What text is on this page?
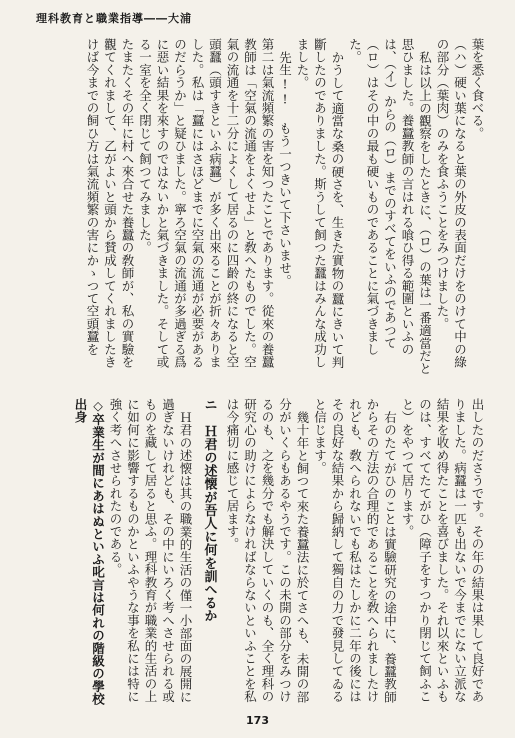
理科教育と職業指導――大浦

葉を悉く食べる。

（ハ）硬い葉になると葉の外皮の表面だけをのけて中の綠の部分（葉肉）のみを食ふうことをみつけました。

私は以上の觀察をしたときに、（ロ）の葉は一番適當だと思ひました。養蠶教師の言はれる喰ひ得る範圍といふのは、（イ）からの（ロ）までのすべてをいふのであつて（ロ）はその中の最も硬いものであることに氣づきました。

かうして適當な桑の硬さを、生きた實物の蠶にきいて判斷したのでありました。斯うして飼つた蠶はみんな成功しました。

先生!! もう一つきいて下さいませ。

第二は氣流頻繁の害を知つたことであります。從來の養蠶教師は「空氣の流通をよくせよ」と敎へたものでした。空氣の流通を十二分によくして居るのに四齡の終になると空頭蠶（頭すきといふ病蠶）が多く出來ることが折々ありました。私は「蠶にはさほどまでに空氣の流通が必要があるのだらうか」と疑ひました。寧ろ空氣の流通が多過ぎる爲に惡い結果を來すのではないかと氣づきました。そして或る一室を全く閉じて飼つてみました。

たまたくその年に村へ來合せた養蠶の敎師が、私の實驗を觀てくれまして、乙がよいと頭から賛成してくれましたきけば今までの飼ひ方は氣流頻繁の害にかゝつて空頭蠶を

出したのださうです。その年の結果は果して良好でありました。病蠶は一匹も出ないで今までにない立派な結果を收め得たことを喜びました。それ以來といふものは、すべてたてがひ（障子をすつかり閉じて飼ふこと）をやつて居ります。

右のたてがひのことは實驗研究の途中に、養蠶教師からその方法の合理的であることを敎へられましたけれども、敎へられないでも私はたしかに二年の後にはその良好な結果から歸納して獨自の力で發見してゐると信じます。

幾十年と飼つて來た養蠶法に於てさへも、未開の部分がいくらもあるやうです。この未開の部分をみつけるのも、之を幾分でも解決していくのも、全く理科の研究心の助けによらなければならないといふことを私は今痛切に感じて居ます。

ニ　Ｈ君の述懐が吾人に何を訓へるか

Ｈ君の述懐は其の職業的生活の僅一小部面の展開に過ぎないけれども、その中にいろく考へさせられる或ものを藏して居ると思ふ。理科教育が職業的生活の上に如何に影響するものかといふやうな事を私には特に強く考へさせられたのである。

◇卒業生が間にあはぬといふ叱言は何れの階級の學校出身

173
